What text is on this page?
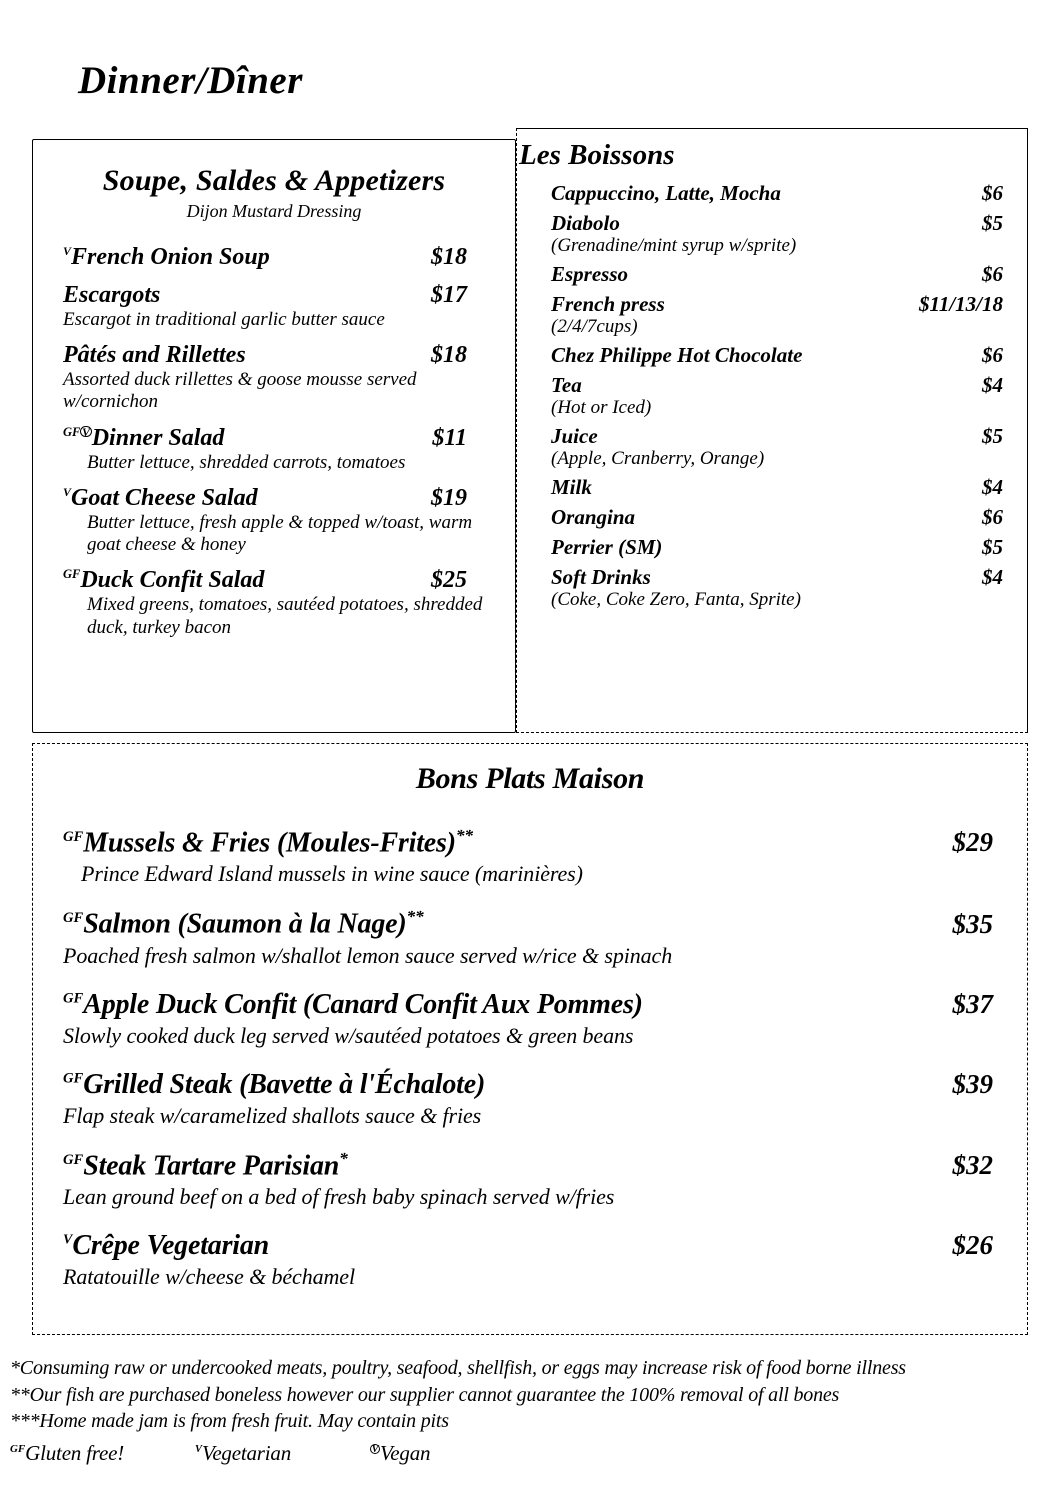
Dinner/Dîner
Soupe, Saldes & Appetizers
Dijon Mustard Dressing
$^V$French Onion Soup	$18
Escargots	$17
Escargot in traditional garlic butter sauce
Pâtés and Rillettes	$18
Assorted duck rillettes & goose mousse served w/cornichon
$^{GF}$ VDinner Salad	$11
Butter lettuce, shredded carrots, tomatoes
$^V$Goat Cheese Salad	$19
Butter lettuce, fresh apple & topped w/toast, warm goat cheese & honey
$^{GF}$Duck Confit Salad	$25
Mixed greens, tomatoes, sautéed potatoes, shredded duck, turkey bacon
Les Boissons
Cappuccino, Latte, Mocha	$6
Diabolo	$5
(Grenadine/mint syrup w/sprite)
Espresso	$6
French press	$11/13/18
(2/4/7cups)
Chez Philippe Hot Chocolate	$6
Tea	$4
(Hot or Iced)
Juice	$5
(Apple, Cranberry, Orange)
Milk	$4
Orangina	$6
Perrier (SM)	$5
Soft Drinks	$4
(Coke, Coke Zero, Fanta, Sprite)
Bons Plats Maison
$^{GF}$Mussels & Fries (Moules-Frites)**	$29
Prince Edward Island mussels in wine sauce (marinières)
$^{GF}$Salmon (Saumon à la Nage)**	$35
Poached fresh salmon w/shallot lemon sauce served w/rice & spinach
$^{GF}$Apple Duck Confit (Canard Confit Aux Pommes)	$37
Slowly cooked duck leg served w/sautéed potatoes & green beans
$^{GF}$Grilled Steak (Bavette à l'Échalote)	$39
Flap steak w/caramelized shallots sauce & fries
$^{GF}$Steak Tartare Parisian*	$32
Lean ground beef on a bed of fresh baby spinach served w/fries
$^V$Crêpe Vegetarian	$26
Ratatouille w/cheese & béchamel
*Consuming raw or undercooked meats, poultry, seafood, shellfish, or eggs may increase risk of food borne illness
**Our fish are purchased boneless however our supplier cannot guarantee the 100% removal of all bones
***Home made jam is from fresh fruit. May contain pits
$^{GF}$Gluten free!	$^V$Vegetarian	VVegan
